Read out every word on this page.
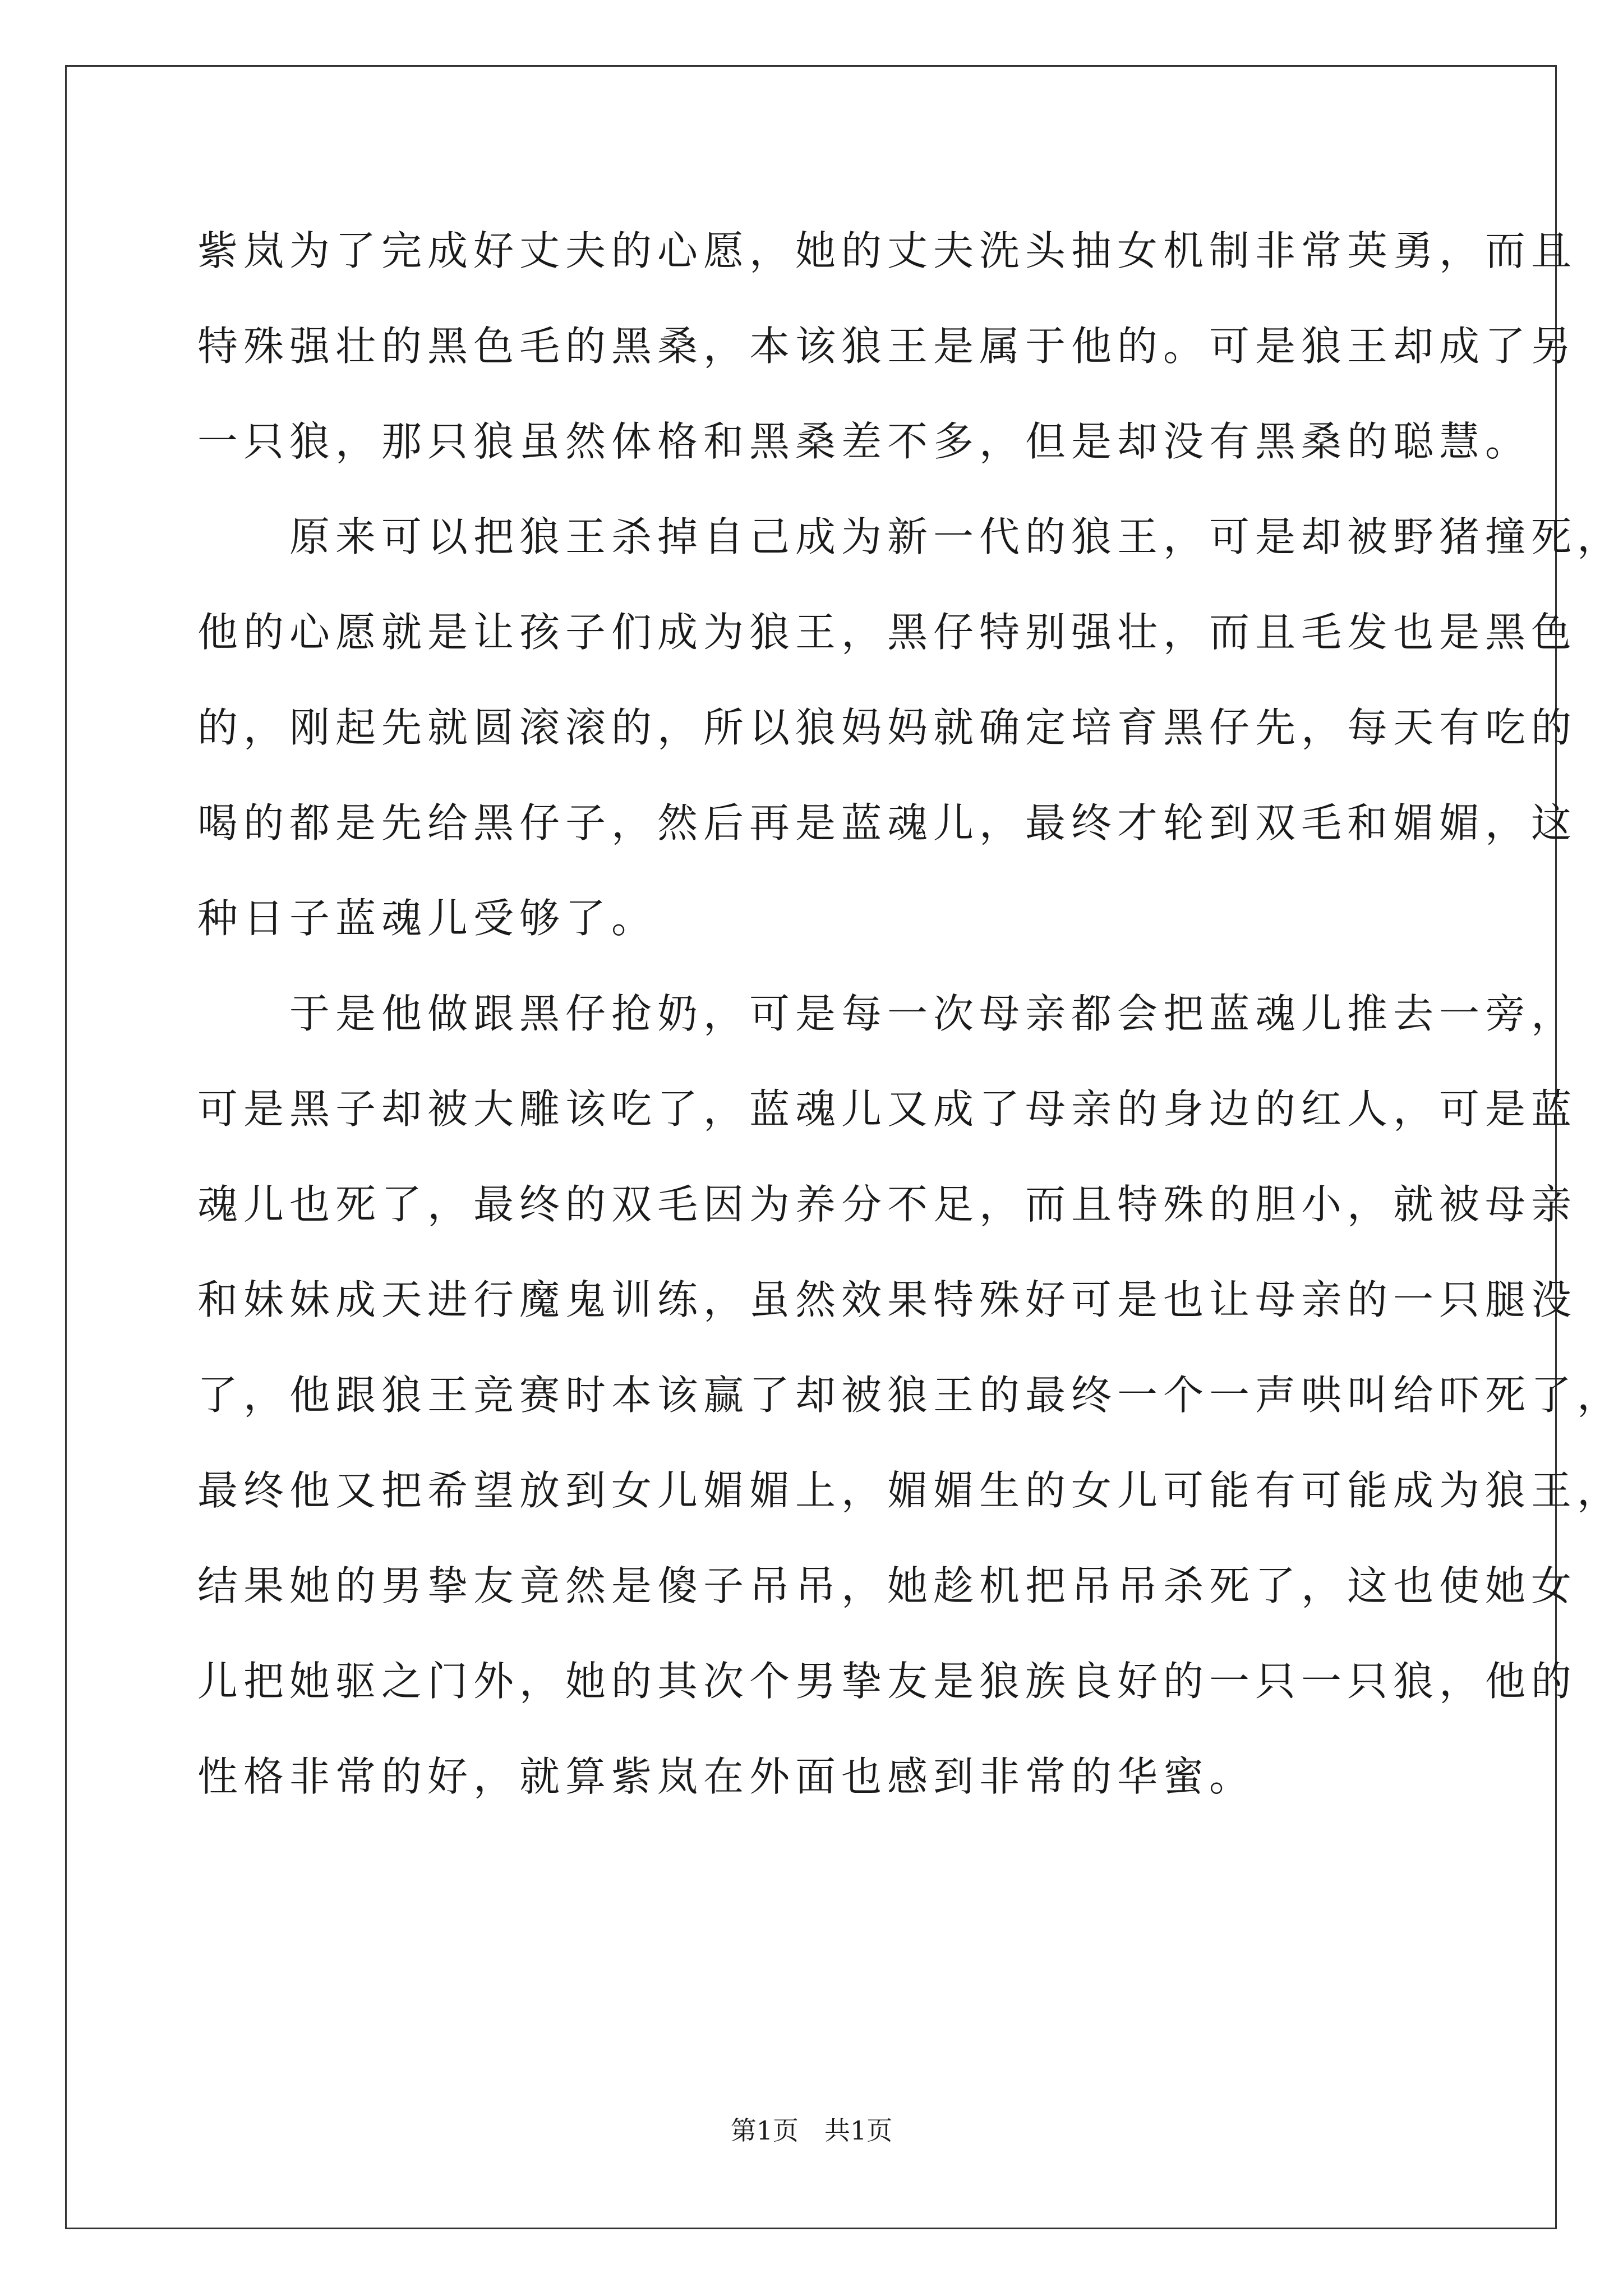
紫岚为了完成好丈夫的心愿，她的丈夫洗头抽女机制非常英勇，而且
特殊强壮的黑色毛的黑桑，本该狼王是属于他的。可是狼王却成了另
一只狼，那只狼虽然体格和黑桑差不多，但是却没有黑桑的聪慧。
　　原来可以把狼王杀掉自己成为新一代的狼王，可是却被野猪撞死，
他的心愿就是让孩子们成为狼王，黑仔特别强壮，而且毛发也是黑色
的，刚起先就圆滚滚的，所以狼妈妈就确定培育黑仔先，每天有吃的
喝的都是先给黑仔子，然后再是蓝魂儿，最终才轮到双毛和媚媚，这
种日子蓝魂儿受够了。
　　于是他做跟黑仔抢奶，可是每一次母亲都会把蓝魂儿推去一旁，
可是黑子却被大雕该吃了，蓝魂儿又成了母亲的身边的红人，可是蓝
魂儿也死了，最终的双毛因为养分不足，而且特殊的胆小，就被母亲
和妹妹成天进行魔鬼训练，虽然效果特殊好可是也让母亲的一只腿没
了，他跟狼王竞赛时本该赢了却被狼王的最终一个一声哄叫给吓死了，
最终他又把希望放到女儿媚媚上，媚媚生的女儿可能有可能成为狼王，
结果她的男挚友竟然是傻子吊吊，她趁机把吊吊杀死了，这也使她女
儿把她驱之门外，她的其次个男挚友是狼族良好的一只一只狼，他的
性格非常的好，就算紫岚在外面也感到非常的华蜜。
第1页　共1页
